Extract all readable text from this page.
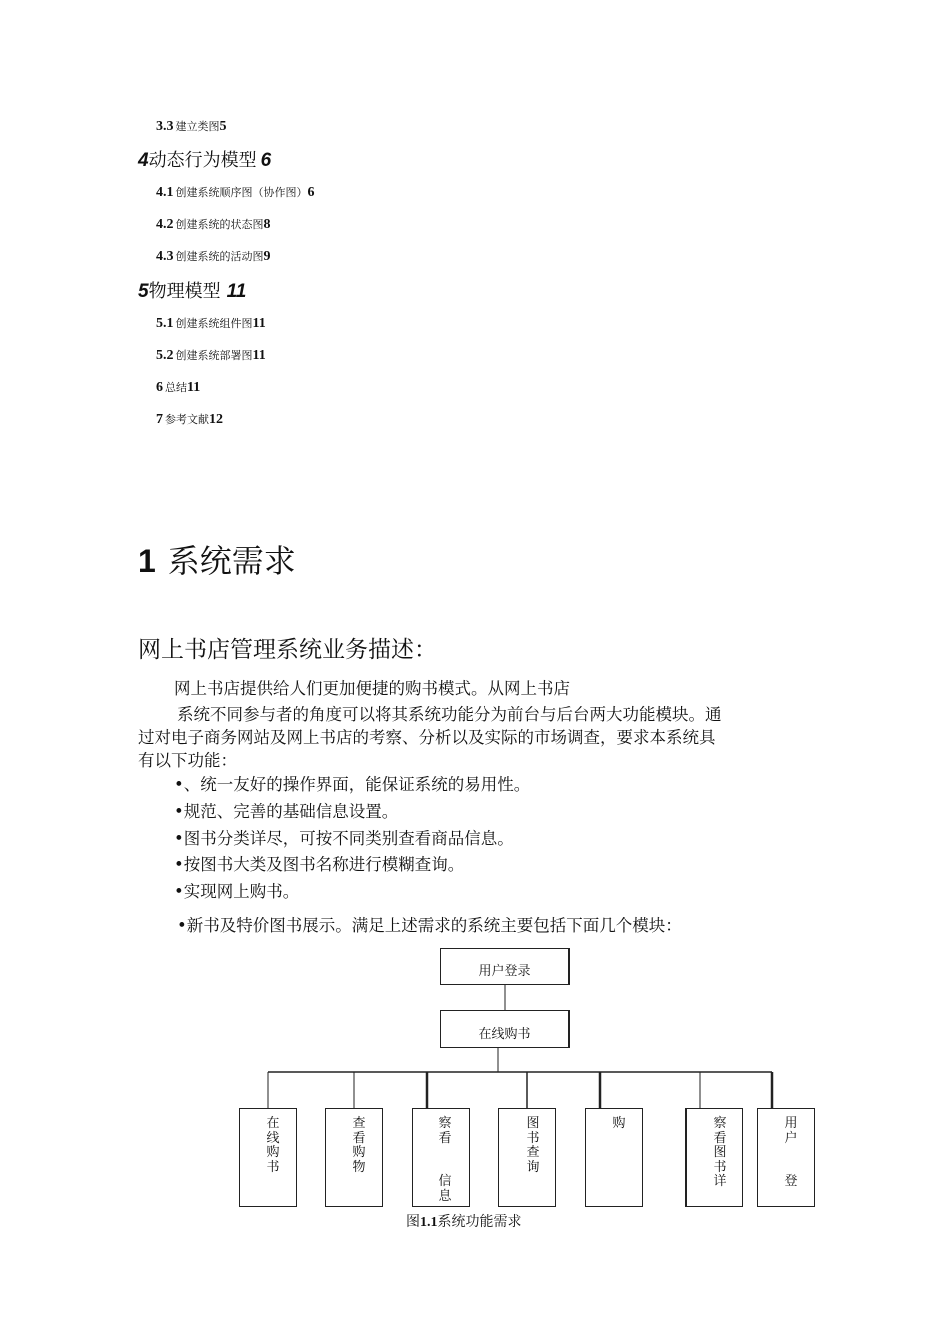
3.3 建立类图5
4动态行为模型 6
4.1 创建系统顺序图（协作图）6
4.2 创建系统的状态图8
4.3 创建系统的活动图9
5物理模型 11
5.1 创建系统组件图11
5.2 创建系统部署图11
6 总结11
7 参考文献12
1 系统需求
网上书店管理系统业务描述：
网上书店提供给人们更加便捷的购书模式。从网上书店
系统不同参与者的角度可以将其系统功能分为前台与后台两大功能模块。通
过对电子商务网站及网上书店的考察、分析以及实际的市场调查，要求本系统具
有以下功能：
•、统一友好的操作界面，能保证系统的易用性。
•规范、完善的基础信息设置。
•图书分类详尽，可按不同类别查看商品信息。
•按图书大类及图书名称进行模糊查询。
•实现网上购书。
•新书及特价图书展示。满足上述需求的系统主要包括下面几个模块：
用户登录
在线购书
在线购书
查看购物
察看
信息
图书查询
购	察看图书详
用户
登
图1.1系统功能需求
